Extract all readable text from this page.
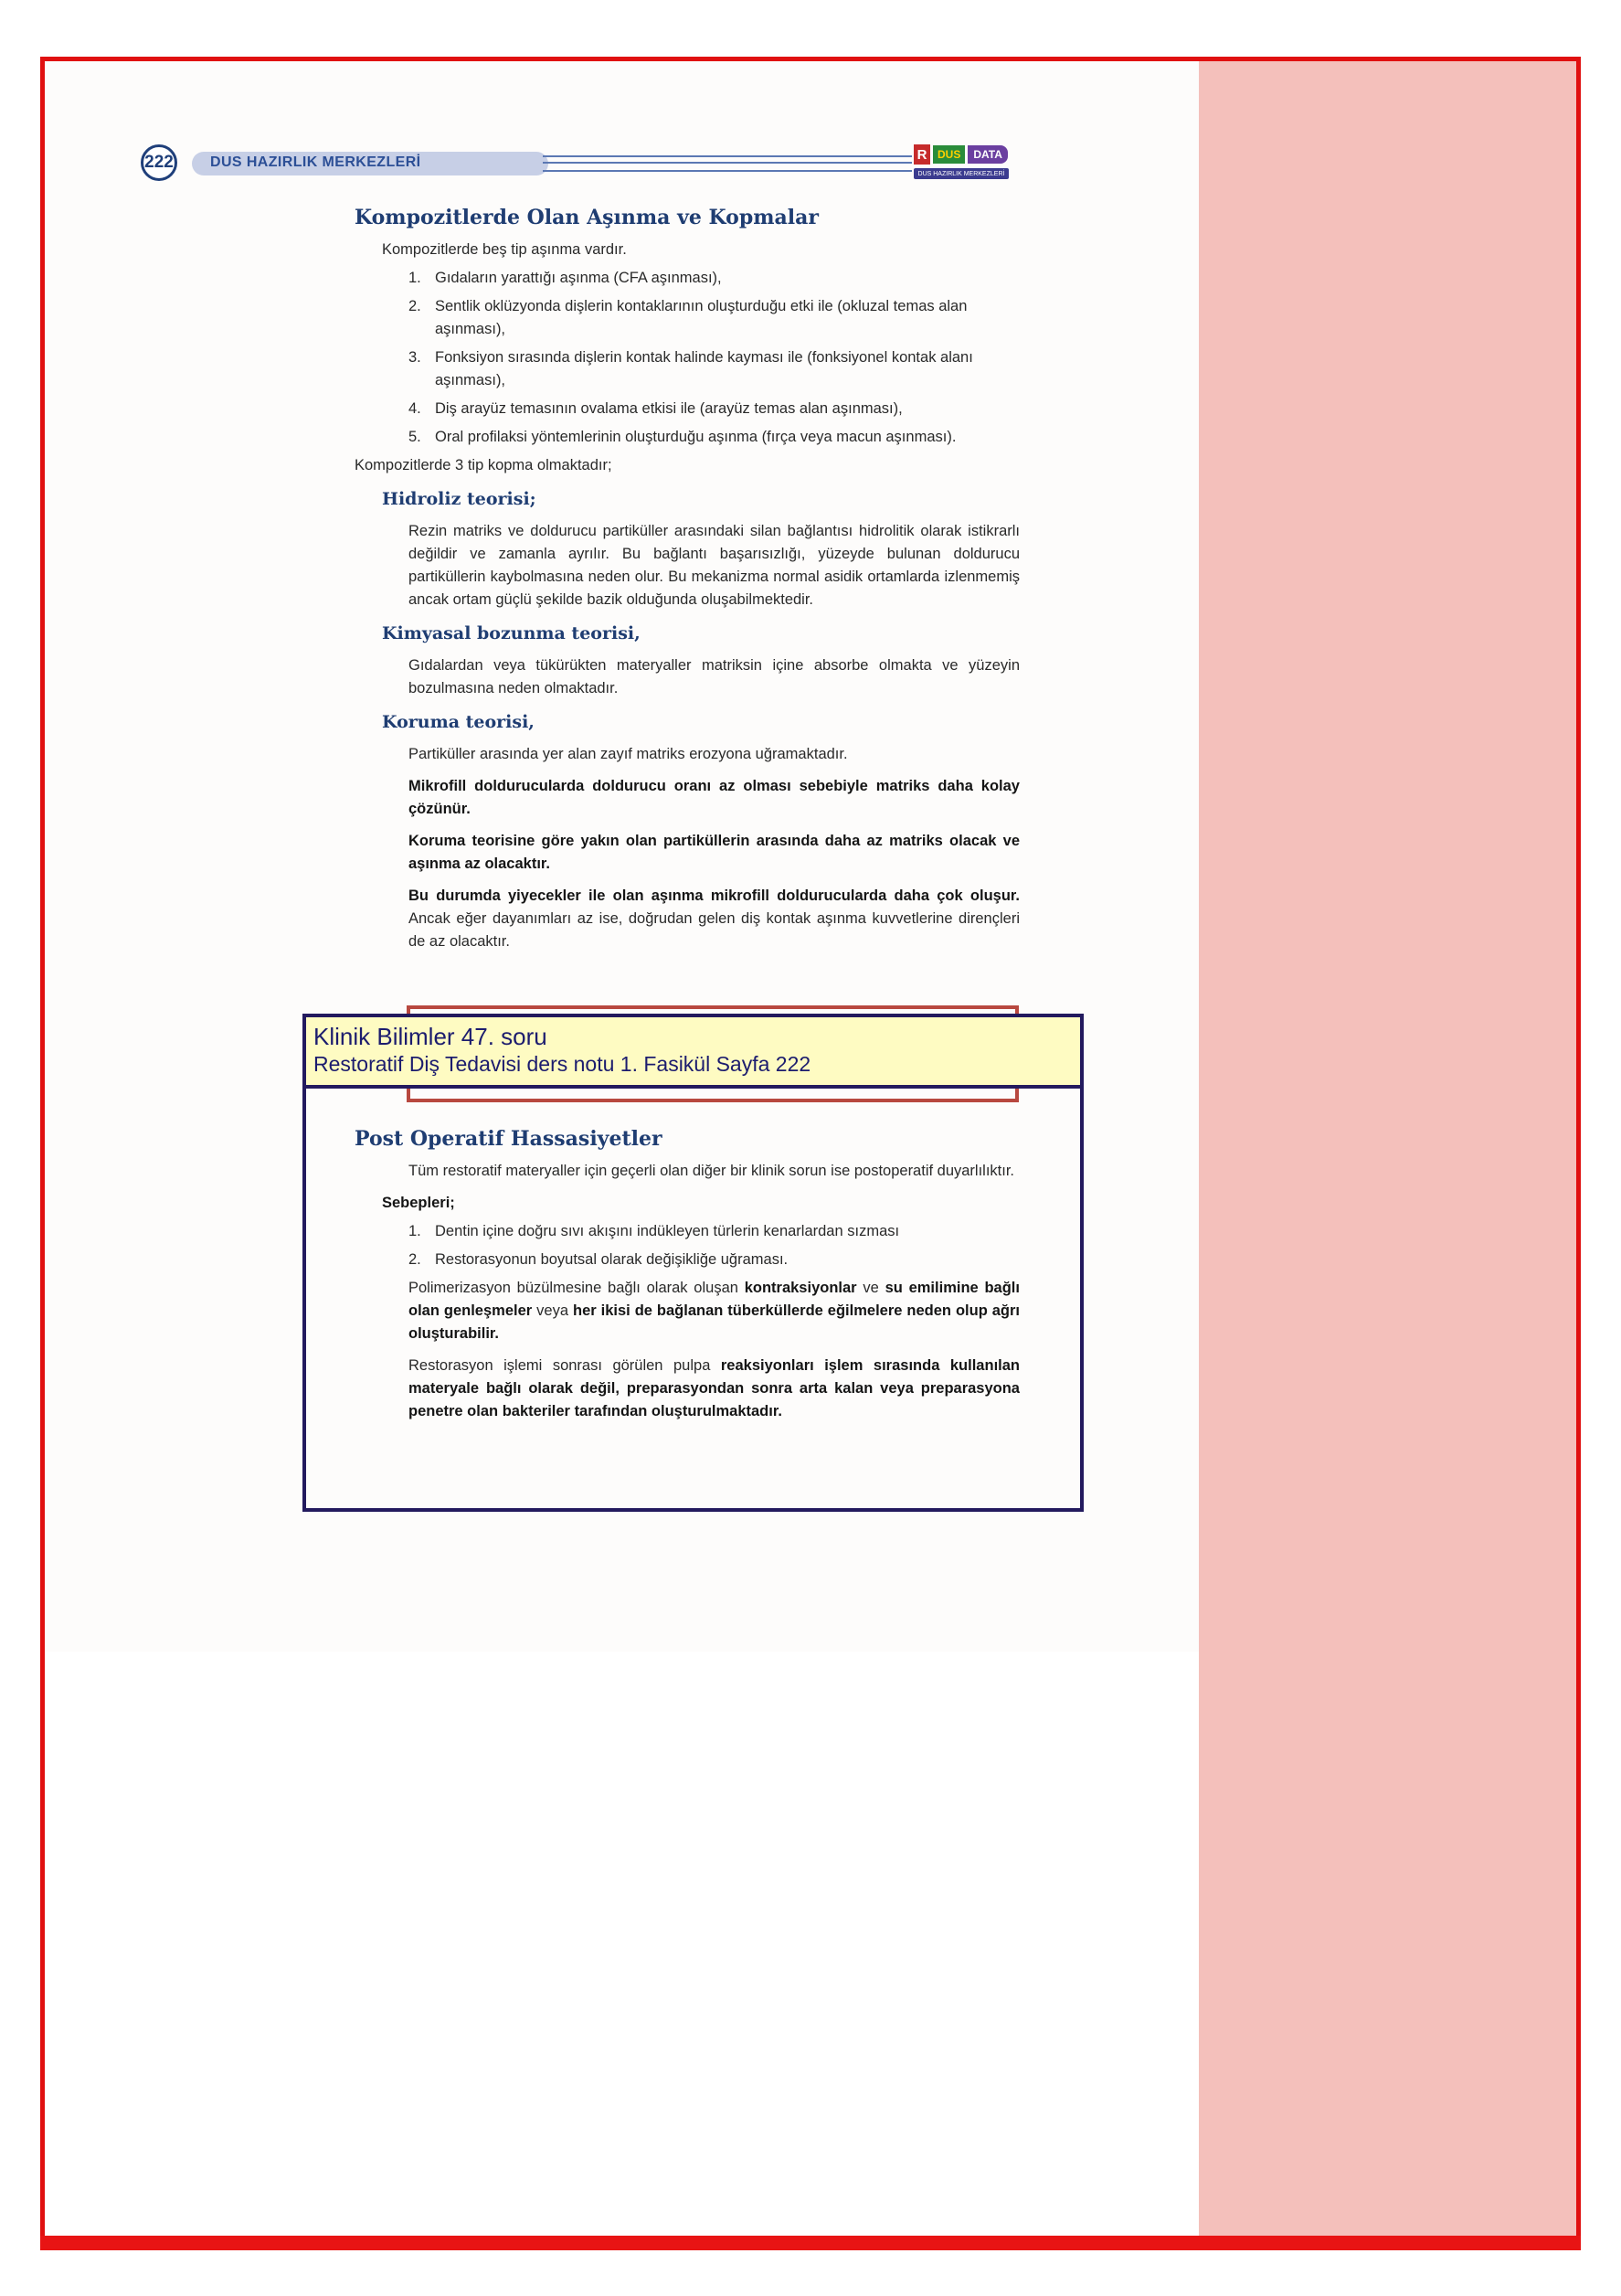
222	DUS HAZIRLIK MERKEZLERİ	R DUS	DATA
DUS HAZIRLIK MERKEZLERİ
Kompozitlerde Olan Aşınma ve Kopmalar

Kompozitlerde beş tip aşınma vardır.

1. Gıdaların yarattığı aşınma (CFA aşınması),
2. Sentlik oklüzyonda dişlerin kontaklarının oluşturduğu etki ile (okluzal temas alan aşınması),
3. Fonksiyon sırasında dişlerin kontak halinde kayması ile (fonksiyonel kontak alanı aşınması),
4. Diş arayüz temasının ovalama etkisi ile (arayüz temas alan aşınması),
5. Oral profilaksi yöntemlerinin oluşturduğu aşınma (fırça veya macun aşınması).

Kompozitlerde 3 tip kopma olmaktadır;

Hidroliz teorisi;

Rezin matriks ve doldurucu partiküller arasındaki silan bağlantısı hidrolitik olarak istikrarlı değildir ve zamanla ayrılır. Bu bağlantı başarısızlığı, yüzeyde bulunan doldurucu partiküllerin kaybolmasına neden olur. Bu mekanizma normal asidik ortamlarda izlenmemiş ancak ortam güçlü şekilde bazik olduğunda oluşabilmektedir.

Kimyasal bozunma teorisi,

Gıdalardan veya tükürükten materyaller matriksin içine absorbe olmakta ve yüzeyin bozulmasına neden olmaktadır.

Koruma teorisi,

Partiküller arasında yer alan zayıf matriks erozyona uğramaktadır.

Mikrofill doldurucularda doldurucu oranı az olması sebebiyle matriks daha kolay çözünür.

Koruma teorisine göre yakın olan partiküllerin arasında daha az matriks olacak ve aşınma az olacaktır.

Bu durumda yiyecekler ile olan aşınma mikrofill doldurucularda daha çok oluşur. Ancak eğer dayanımları az ise, doğrudan gelen diş kontak aşınma kuvvetlerine dirençleri de az olacaktır.

Klinik Bilimler 47. soru
Restoratif Diş Tedavisi ders notu 1. Fasikül Sayfa 222
Post Operatif Hassasiyetler

Tüm restoratif materyaller için geçerli olan diğer bir klinik sorun ise postoperatif duyarlılıktır.

Sebepleri;

1. Dentin içine doğru sıvı akışını indükleyen türlerin kenarlardan sızması
2. Restorasyonun boyutsal olarak değişikliğe uğraması.

Polimerizasyon büzülmesine bağlı olarak oluşan kontraksiyonlar ve su emilimine bağlı olan genleşmeler veya her ikisi de bağlanan tüberküllerde eğilmelere neden olup ağrı oluşturabilir.

Restorasyon işlemi sonrası görülen pulpa reaksiyonları işlem sırasında kullanılan materyale bağlı olarak değil, preparasyondan sonra arta kalan veya preparasyona penetre olan bakteriler tarafından oluşturulmaktadır.
